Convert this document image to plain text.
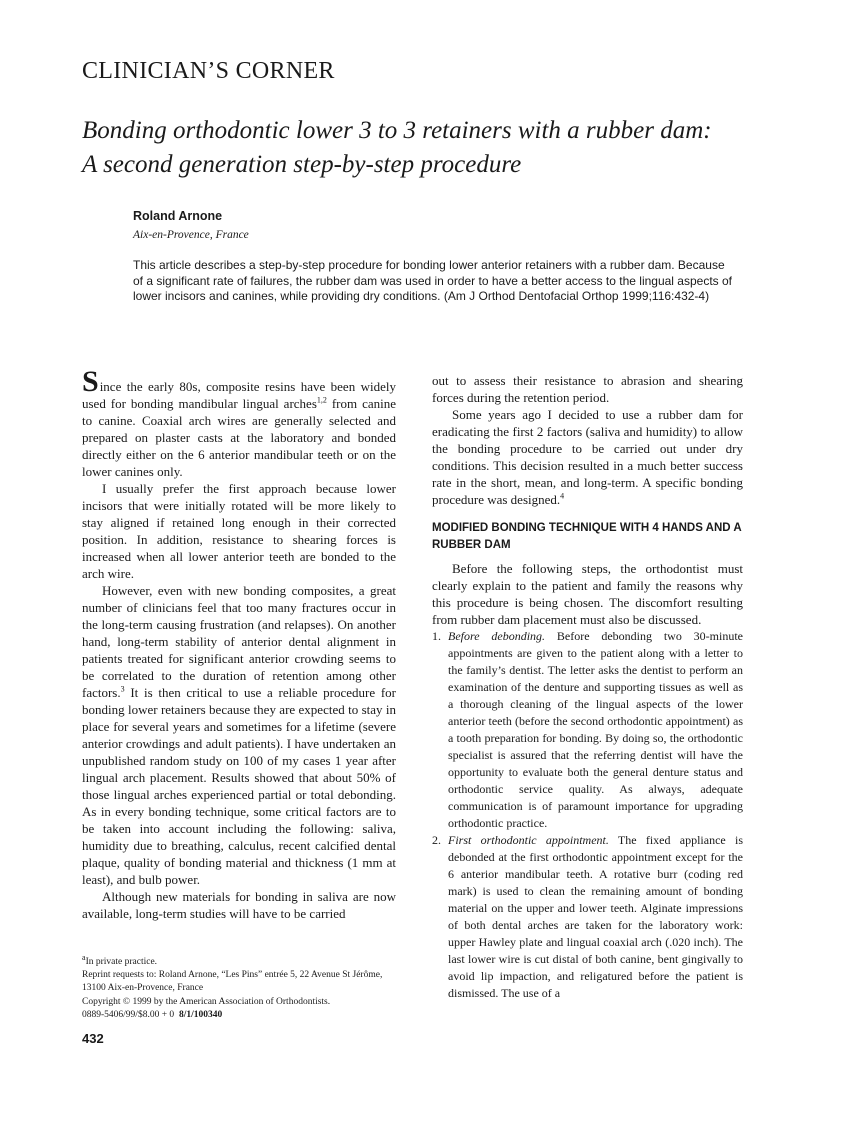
CLINICIAN’S CORNER
Bonding orthodontic lower 3 to 3 retainers with a rubber dam:
A second generation step-by-step procedure
Roland Arnone
Aix-en-Provence, France
This article describes a step-by-step procedure for bonding lower anterior retainers with a rubber dam. Because of a significant rate of failures, the rubber dam was used in order to have a better access to the lingual aspects of lower incisors and canines, while providing dry conditions. (Am J Orthod Dentofacial Orthop 1999;116:432-4)

Since the early 80s, composite resins have been widely used for bonding mandibular lingual arches$^{1,2}$ from canine to canine. Coaxial arch wires are generally selected and prepared on plaster casts at the laboratory and bonded directly either on the 6 anterior mandibular teeth or on the lower canines only.

I usually prefer the first approach because lower incisors that were initially rotated will be more likely to stay aligned if retained long enough in their corrected position. In addition, resistance to shearing forces is increased when all lower anterior teeth are bonded to the arch wire.

However, even with new bonding composites, a great number of clinicians feel that too many fractures occur in the long-term causing frustration (and relapses). On another hand, long-term stability of anterior dental alignment in patients treated for significant anterior crowding seems to be correlated to the duration of retention among other factors.$^3$ It is then critical to use a reliable procedure for bonding lower retainers because they are expected to stay in place for several years and sometimes for a lifetime (severe anterior crowdings and adult patients). I have undertaken an unpublished random study on 100 of my cases 1 year after lingual arch placement. Results showed that about 50% of those lingual arches experienced partial or total debonding. As in every bonding technique, some critical factors are to be taken into account including the following: saliva, humidity due to breathing, calculus, recent calcified dental plaque, quality of bonding material and thickness (1 mm at least), and bulb power.

Although new materials for bonding in saliva are now available, long-term studies will have to be carried

out to assess their resistance to abrasion and shearing forces during the retention period.

Some years ago I decided to use a rubber dam for eradicating the first 2 factors (saliva and humidity) to allow the bonding procedure to be carried out under dry conditions. This decision resulted in a much better success rate in the short, mean, and long-term. A specific bonding procedure was designed.$^4$

MODIFIED BONDING TECHNIQUE WITH 4 HANDS AND A RUBBER DAM

Before the following steps, the orthodontist must clearly explain to the patient and family the reasons why this procedure is being chosen. The discomfort resulting from rubber dam placement must also be discussed.

1. Before debonding. Before debonding two 30-minute appointments are given to the patient along with a letter to the family’s dentist. The letter asks the dentist to perform an examination of the denture and supporting tissues as well as a thorough cleaning of the lingual aspects of the lower anterior teeth (before the second orthodontic appointment) as a tooth preparation for bonding. By doing so, the orthodontic specialist is assured that the referring dentist will have the opportunity to evaluate both the general denture status and orthodontic service quality. As always, adequate communication is of paramount importance for upgrading orthodontic practice.
2. First orthodontic appointment. The fixed appliance is debonded at the first orthodontic appointment except for the 6 anterior mandibular teeth. A rotative burr (coding red mark) is used to clean the remaining amount of bonding material on the upper and lower teeth. Alginate impressions of both dental arches are taken for the laboratory work: upper Hawley plate and lingual coaxial arch (.020 inch). The last lower wire is cut distal of both canine, bent gingivally to avoid lip impaction, and religatured before the patient is dismissed. The use of a
$^a$In private practice.
Reprint requests to: Roland Arnone, “Les Pins” entrée 5, 22 Avenue St Jérôme,
13100 Aix-en-Provence, France
Copyright © 1999 by the American Association of Orthodontists.
0889-5406/99/$8.00 + 0 8/1/100340
432
